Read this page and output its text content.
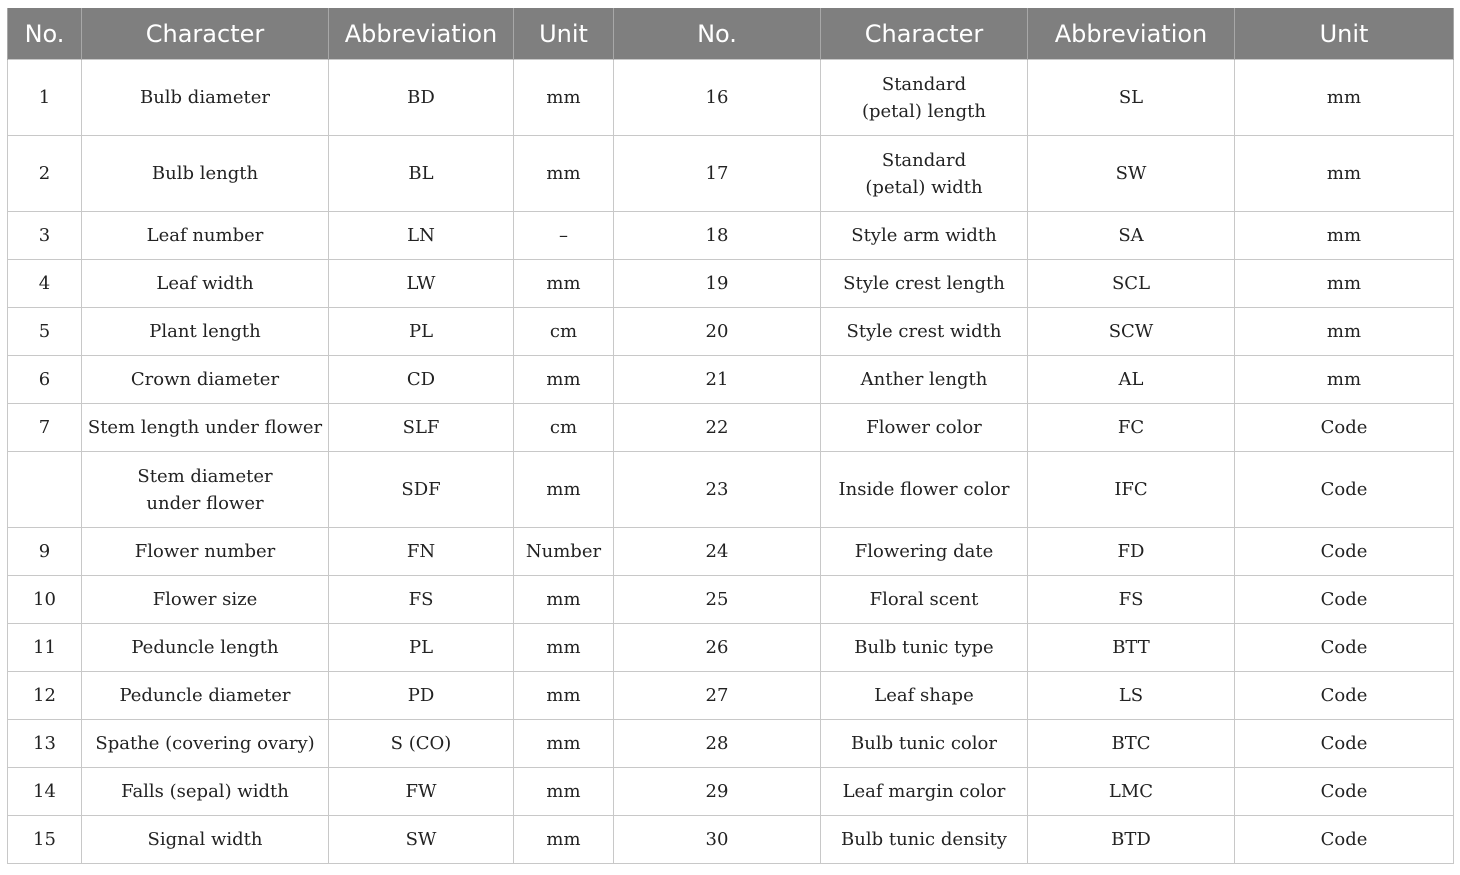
No.	Character	Abbreviation	Unit	No.	Character	Abbreviation	Unit
1	Bulb diameter	BD	mm	16	Standard
(petal) length	SL	mm
2	Bulb length	BL	mm	17	Standard
(petal) width	SW	mm
3	Leaf number	LN	–	18	Style arm width	SA	mm
4	Leaf width	LW	mm	19	Style crest length	SCL	mm
5	Plant length	PL	cm	20	Style crest width	SCW	mm
6	Crown diameter	CD	mm	21	Anther length	AL	mm
7	Stem length under flower	SLF	cm	22	Flower color	FC	Code
	Stem diameter
under flower	SDF	mm	23	Inside flower color	IFC	Code
9	Flower number	FN	Number	24	Flowering date	FD	Code
10	Flower size	FS	mm	25	Floral scent	FS	Code
11	Peduncle length	PL	mm	26	Bulb tunic type	BTT	Code
12	Peduncle diameter	PD	mm	27	Leaf shape	LS	Code
13	Spathe (covering ovary)	S (CO)	mm	28	Bulb tunic color	BTC	Code
14	Falls (sepal) width	FW	mm	29	Leaf margin color	LMC	Code
15	Signal width	SW	mm	30	Bulb tunic density	BTD	Code
